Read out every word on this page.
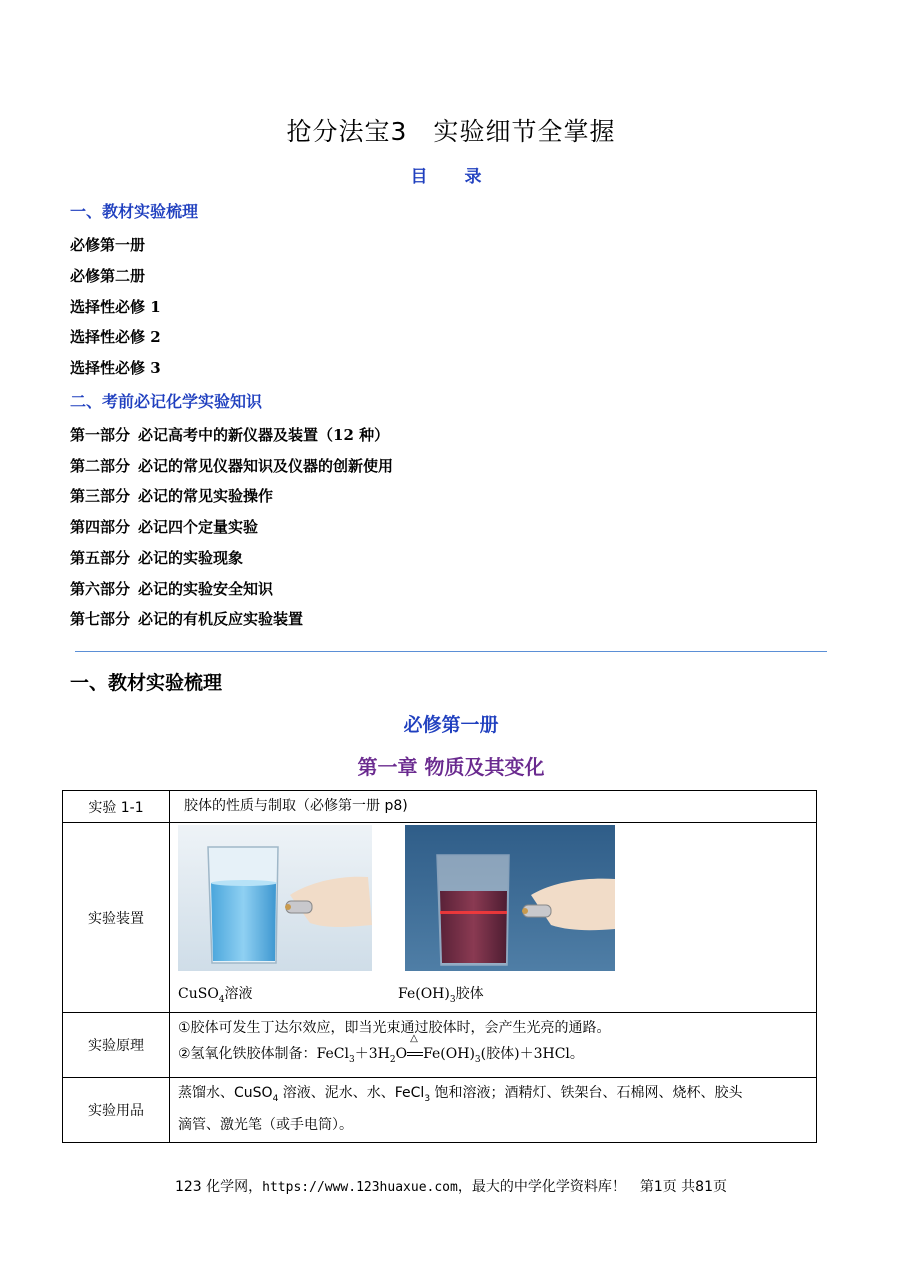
抢分法宝3　实验细节全掌握
目　录
一、教材实验梳理
必修第一册
必修第二册
选择性必修 1
选择性必修 2
选择性必修 3
二、考前必记化学实验知识
第一部分 必记高考中的新仪器及装置（12 种）
第二部分 必记的常见仪器知识及仪器的创新使用
第三部分 必记的常见实验操作
第四部分 必记四个定量实验
第五部分 必记的实验现象
第六部分 必记的实验安全知识
第七部分 必记的有机反应实验装置
一、教材实验梳理
必修第一册
第一章 物质及其变化
实验 1-1	胶体的性质与制取（必修第一册 p8)

实验装置	CuSO$_4$溶液 $Fe(OH)_3$胶体

实验原理	①胶体可发生丁达尔效应，即当光束通过胶体时，会产生光亮的通路。
②氢氧化铁胶体制备：$FeCl_3+3H_2O$
△
$Fe(OH)_3$(胶体)＋3HCl。

实验用品	蒸馏水、CuSO$_4$ 溶液、泥水、水、FeCl$_3$ 饱和溶液；酒精灯、铁架台、石棉网、烧杯、胶头
滴管、激光笔（或手电筒）。
123 化学网，https://www.123huaxue.com，最大的中学化学资料库！　第1页 共81页
